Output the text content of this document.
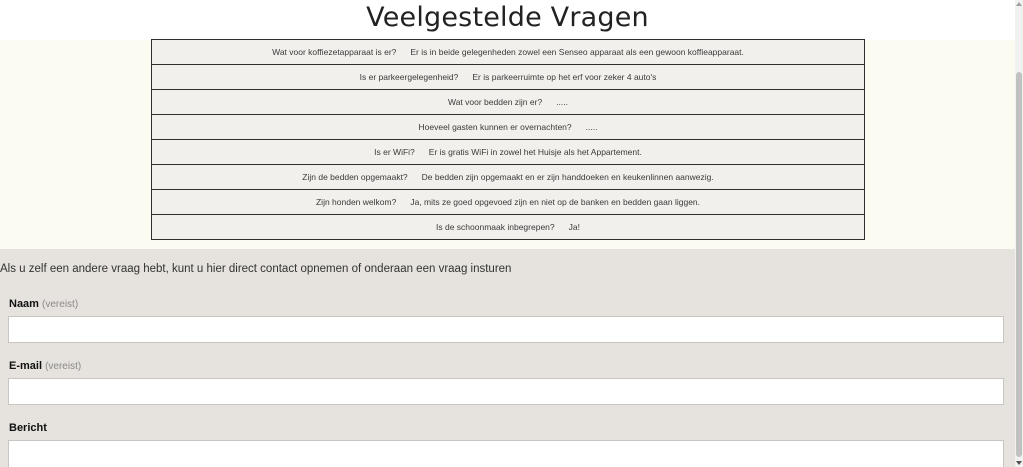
Veelgestelde Vragen
Wat voor koffiezetapparaat is er? Er is in beide gelegenheden zowel een Senseo apparaat als een gewoon koffieapparaat.
Is er parkeergelegenheid? Er is parkeerruimte op het erf voor zeker 4 auto's
Wat voor bedden zijn er? .....
Hoeveel gasten kunnen er overnachten? .....
Is er WiFi? Er is gratis WiFi in zowel het Huisje als het Appartement.
Zijn de bedden opgemaakt? De bedden zijn opgemaakt en er zijn handdoeken en keukenlinnen aanwezig.
Zijn honden welkom? Ja, mits ze goed opgevoed zijn en niet op de banken en bedden gaan liggen.
Is de schoonmaak inbegrepen? Ja!
Als u zelf een andere vraag hebt, kunt u hier direct contact opnemen of onderaan een vraag insturen
Naam (vereist)
E-mail (vereist)
Bericht
